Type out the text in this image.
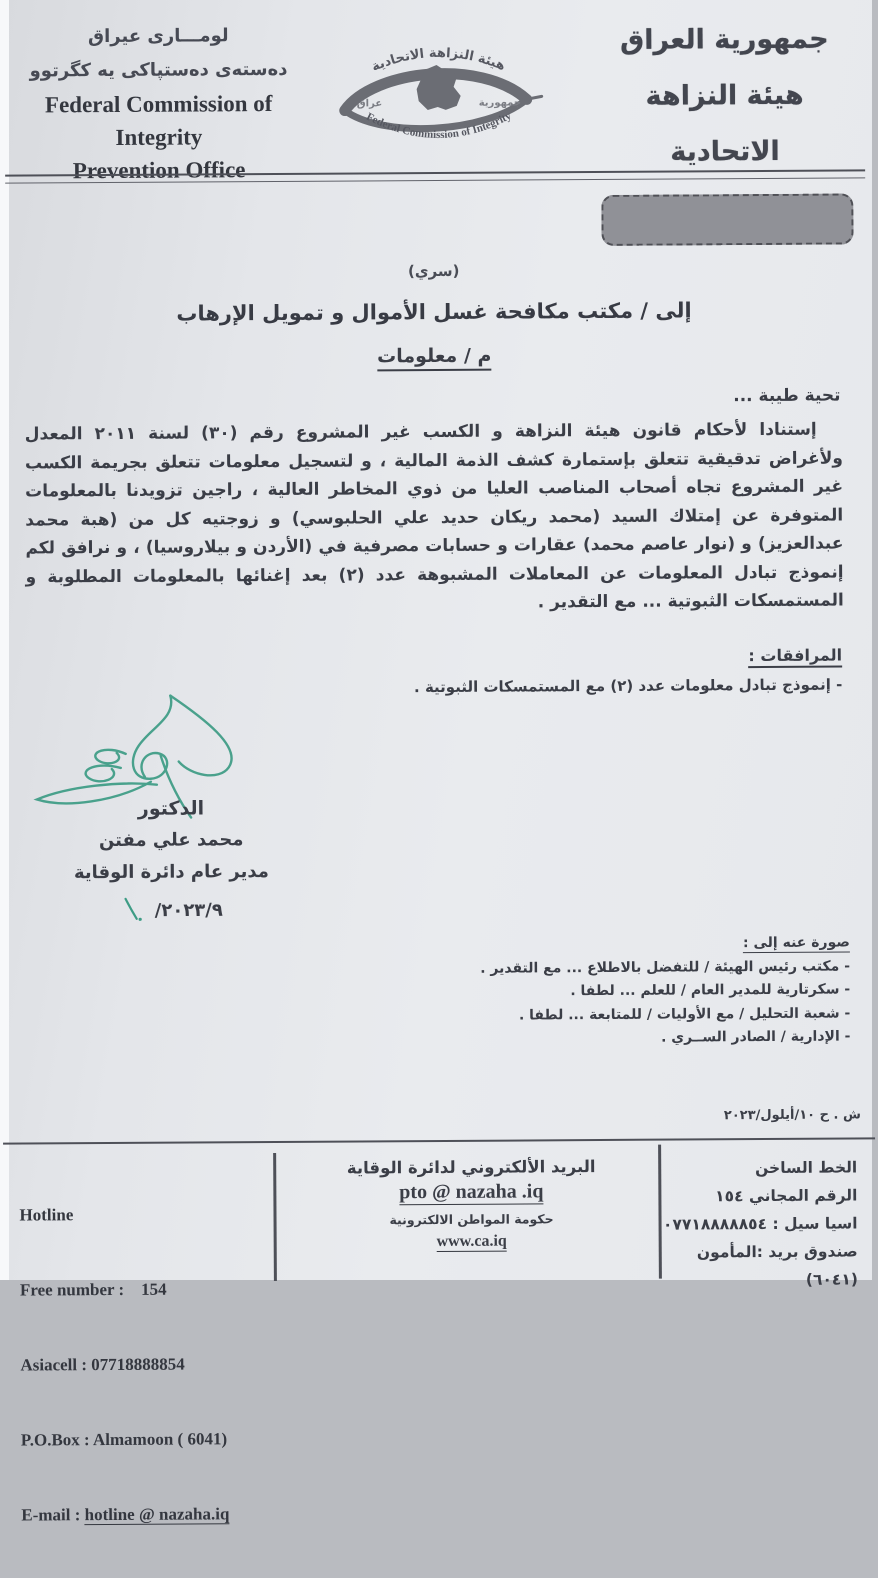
لومـــارى عيراق
دەستەى دەستپاكى يە كگرتوو
Federal Commission of Integrity
Prevention Office
هيئة النزاهة الاتحادية
عراق	جمهورية
Federal Commission of Integrity
جمهورية العراق
هيئة النزاهة الاتحادية
(سري)
إلى / مكتب مكافحة غسل الأموال و تمويل الإرهاب
م / معلومات
تحية طيبة ...
إستنادا لأحكام قانون هيئة النزاهة و الكسب غير المشروع رقم (٣٠) لسنة ٢٠١١ المعدل ولأغراض تدقيقية تتعلق بإستمارة كشف الذمة المالية ، و لتسجيل معلومات تتعلق بجريمة الكسب غير المشروع تجاه أصحاب المناصب العليا من ذوي المخاطر العالية ، راجين تزويدنا بالمعلومات المتوفرة عن إمتلاك السيد (محمد ريكان حديد علي الحلبوسي) و زوجتيه كل من (هبة محمد عبدالعزيز) و (نوار عاصم محمد) عقارات و حسابات مصرفية في (الأردن و بيلاروسيا) ، و نرافق لكم إنموذج تبادل المعلومات عن المعاملات المشبوهة عدد (٢) بعد إغنائها بالمعلومات المطلوبة و المستمسكات الثبوتية ... مع التقدير .
المرافقات :
- إنموذج تبادل معلومات عدد (٢) مع المستمسكات الثبوتية .
الدكتور
محمد علي مفتن
مدير عام دائرة الوقاية
٢٠٢٣/٩/
صورة عنه إلى :
- مكتب رئيس الهيئة / للتفضل بالاطلاع ... مع التقدير .
- سكرتارية للمدير العام / للعلم ... لطفا .
- شعبة التحليل / مع الأوليات / للمتابعة ... لطفا .
- الإدارية / الصادر الســري .
ش . ح ١٠/أيلول/٢٠٢٣

Hotline

Free number :    154

Asiacell : 07718888854

P.O.Box : Almamoon ( 6041)

E-mail : hotline @ nazaha.iq

البريد الألكتروني لدائرة الوقاية
pto @ nazaha .iq
حكومة المواطن الالكترونية
www.ca.iq
الخط الساخن
الرقم المجاني ١٥٤
اسيا سيل : ٠٧٧١٨٨٨٨٨٥٤
صندوق بريد :المأمون (٦٠٤١)
